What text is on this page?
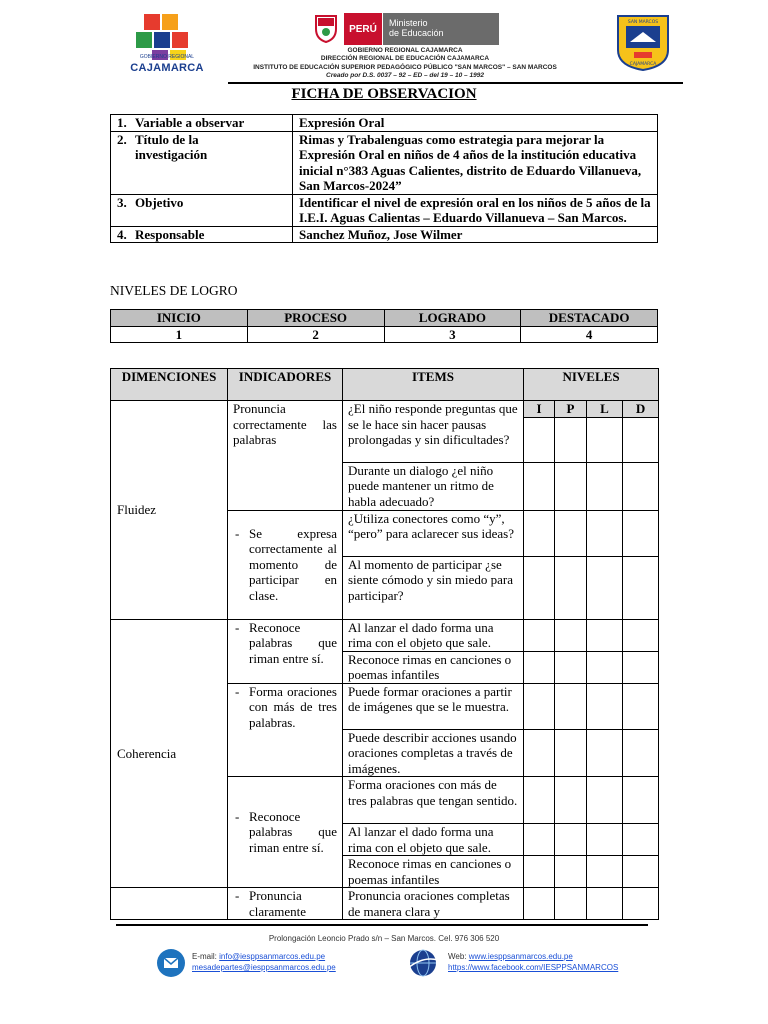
GOBIERNO REGIONAL
CAJAMARCA
PERÚ
Ministerio
de Educación
GOBIERNO REGIONAL CAJAMARCA
DIRECCIÓN REGIONAL DE EDUCACIÓN CAJAMARCA
INSTITUTO DE EDUCACIÓN SUPERIOR PEDAGÓGICO PÚBLICO "SAN MARCOS" – SAN MARCOS
Creado por D.S. 0037 – 92 – ED – del 19 – 10 – 1992
SAN MARCOS
CAJAMARCA
FICHA DE OBSERVACION
1. Variable a observar	Expresión Oral
2. Título de la investigación	Rimas y Trabalenguas como estrategia para mejorar la Expresión Oral en niños de 4 años de la institución educativa inicial n°383 Aguas Calientes, distrito de Eduardo Villanueva, San Marcos-2024”
3. Objetivo	Identificar el nivel de expresión oral en los niños de 5 años de la I.E.I. Aguas Calientas – Eduardo Villanueva – San Marcos.
4. Responsable	Sanchez Muñoz, Jose Wilmer
NIVELES DE LOGRO
INICIO	PROCESO	LOGRADO	DESTACADO
1	2	3	4
DIMENCIONES	INDICADORES	ITEMS	NIVELES			
Fluidez	Pronuncia correctamente las palabras	¿El niño responde preguntas que se le hace sin hacer pausas prolongadas y sin dificultades?	I	P	L	D

		Durante un dialogo ¿el niño puede mantener un ritmo de habla adecuado?				

	- Se expresa correctamente al momento de participar en clase.	¿Utiliza conectores como “y”, “pero” para aclarecer sus ideas?				
		Al momento de participar ¿se siente cómodo y sin miedo para participar?				
Coherencia	- Reconoce palabras que riman entre sí.	Al lanzar el dado forma una rima con el objeto que sale.				
		Reconoce rimas en canciones o poemas infantiles				

	- Forma oraciones con más de tres palabras.	Puede formar oraciones a partir de imágenes que se le muestra.				
		Puede describir acciones usando oraciones completas a través de imágenes.				

	- Reconoce palabras que riman entre sí.	Forma oraciones con más de tres palabras que tengan sentido.				
		Al lanzar el dado forma una rima con el objeto que sale.				
		Reconoce rimas en canciones o poemas infantiles				

	- Pronuncia claramente	Pronuncia oraciones completas de manera clara y				
Prolongación Leoncio Prado s/n – San Marcos. Cel. 976 306 520
E-mail: info@iesppsanmarcos.edu.pe
mesadepartes@iesppsanmarcos.edu.pe
Web: www.iesppsanmarcos.edu.pe
https://www.facebook.com/IESPPSANMARCOS
